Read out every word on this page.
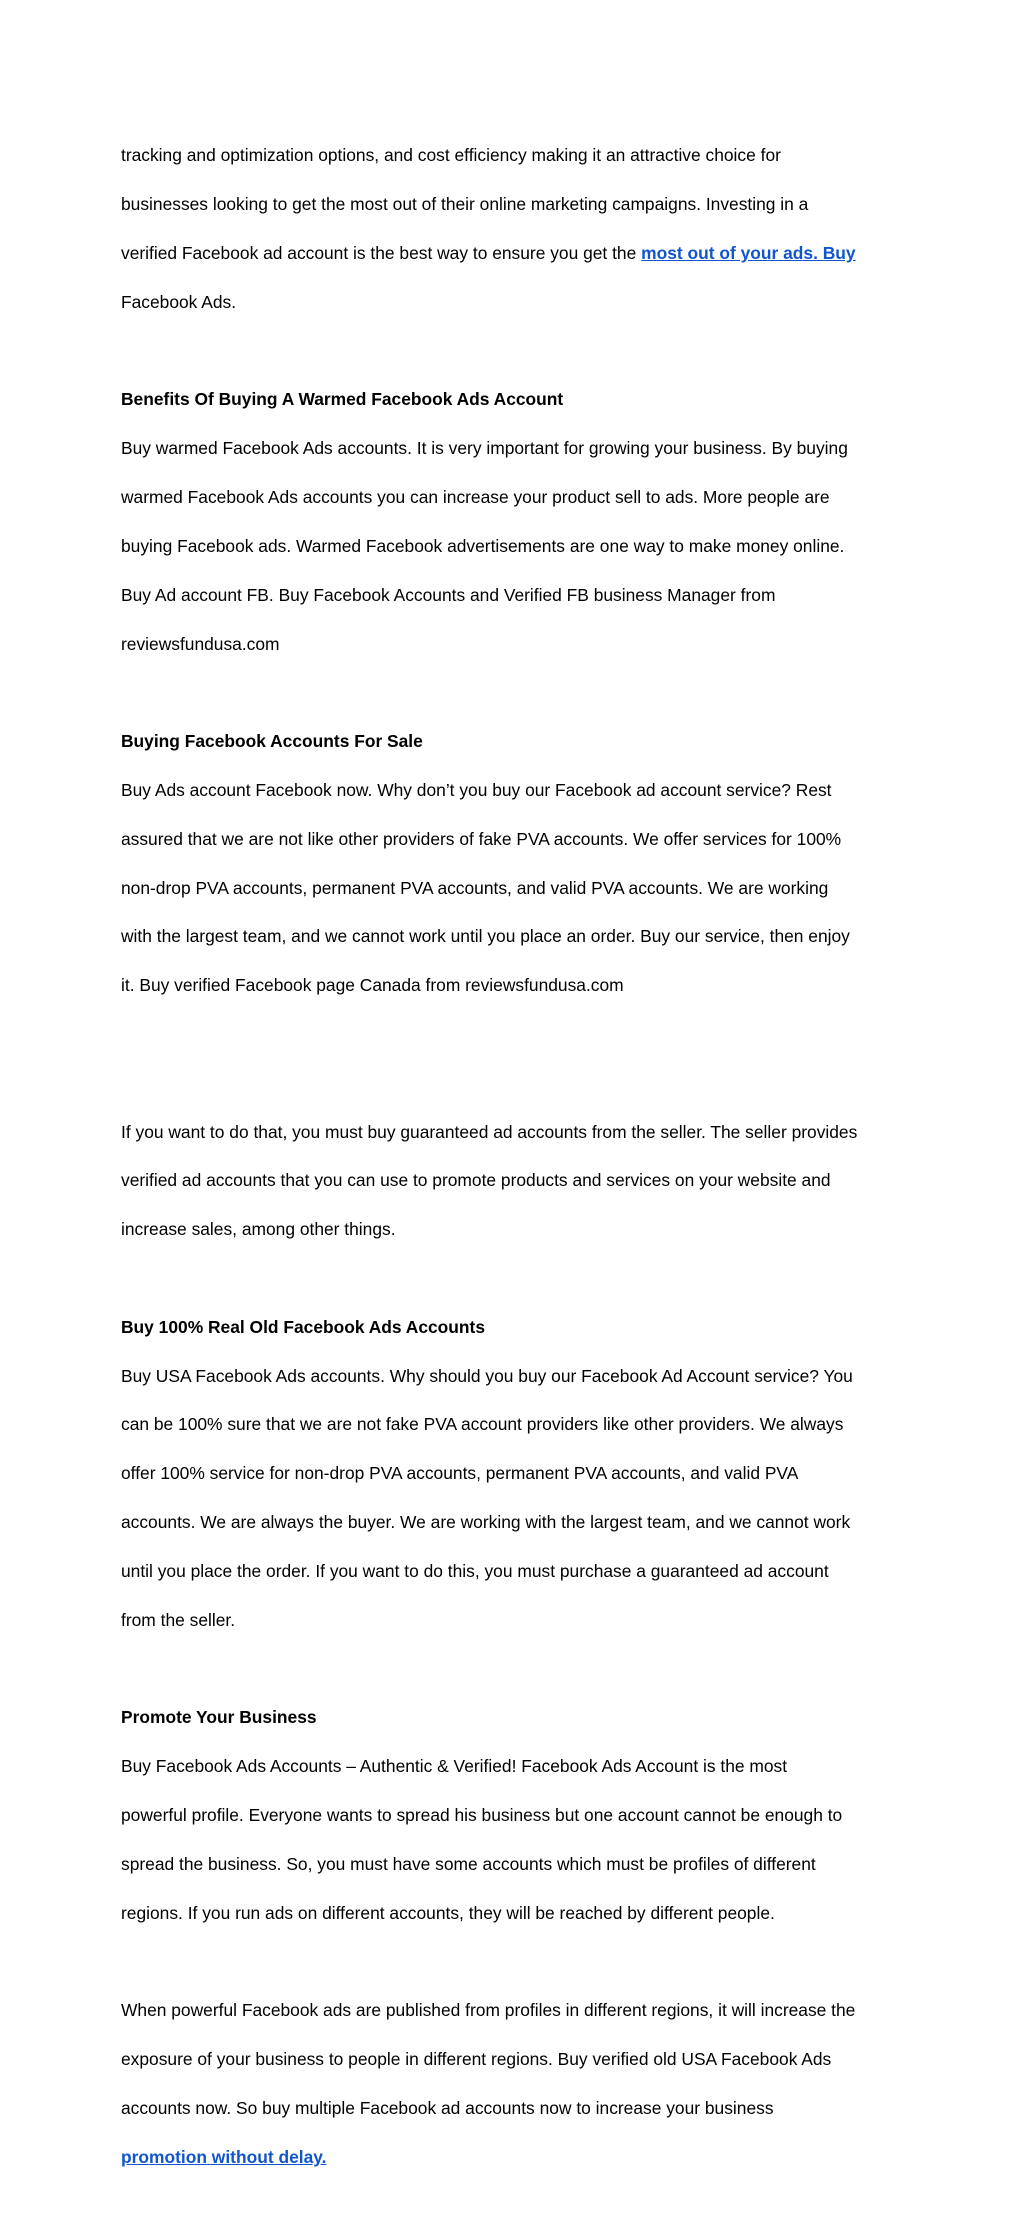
tracking and optimization options, and cost efficiency making it an attractive choice for

businesses looking to get the most out of their online marketing campaigns. Investing in a

verified Facebook ad account is the best way to ensure you get the most out of your ads. Buy

Facebook Ads.

Benefits Of Buying A Warmed Facebook Ads Account

Buy warmed Facebook Ads accounts. It is very important for growing your business. By buying

warmed Facebook Ads accounts you can increase your product sell to ads. More people are

buying Facebook ads. Warmed Facebook advertisements are one way to make money online.

Buy Ad account FB. Buy Facebook Accounts and Verified FB business Manager from

reviewsfundusa.com

Buying Facebook Accounts For Sale

Buy Ads account Facebook now. Why don’t you buy our Facebook ad account service? Rest

assured that we are not like other providers of fake PVA accounts. We offer services for 100%

non-drop PVA accounts, permanent PVA accounts, and valid PVA accounts. We are working

with the largest team, and we cannot work until you place an order. Buy our service, then enjoy

it. Buy verified Facebook page Canada from reviewsfundusa.com

If you want to do that, you must buy guaranteed ad accounts from the seller. The seller provides

verified ad accounts that you can use to promote products and services on your website and

increase sales, among other things.

Buy 100% Real Old Facebook Ads Accounts

Buy USA Facebook Ads accounts. Why should you buy our Facebook Ad Account service? You

can be 100% sure that we are not fake PVA account providers like other providers. We always

offer 100% service for non-drop PVA accounts, permanent PVA accounts, and valid PVA

accounts. We are always the buyer. We are working with the largest team, and we cannot work

until you place the order. If you want to do this, you must purchase a guaranteed ad account

from the seller.

Promote Your Business

Buy Facebook Ads Accounts – Authentic & Verified! Facebook Ads Account is the most

powerful profile. Everyone wants to spread his business but one account cannot be enough to

spread the business. So, you must have some accounts which must be profiles of different

regions. If you run ads on different accounts, they will be reached by different people.

When powerful Facebook ads are published from profiles in different regions, it will increase the

exposure of your business to people in different regions. Buy verified old USA Facebook Ads

accounts now. So buy multiple Facebook ad accounts now to increase your business

promotion without delay.
